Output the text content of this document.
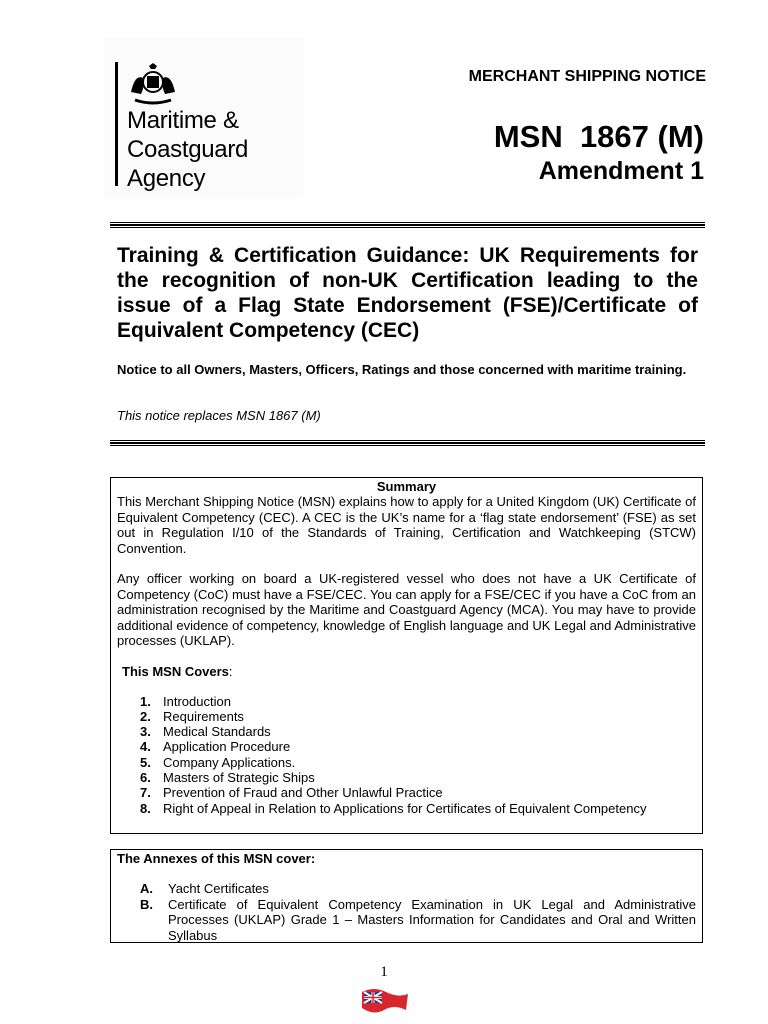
Maritime &
Coastguard
Agency
MERCHANT SHIPPING NOTICE
MSN  1867 (M)
Amendment 1
Training & Certification Guidance: UK Requirements for the recognition of non-UK Certification leading to the issue of a Flag State Endorsement (FSE)/Certificate of Equivalent Competency (CEC)
Notice to all Owners, Masters, Officers, Ratings and those concerned with maritime training.
This notice replaces MSN 1867 (M)
Summary
This Merchant Shipping Notice (MSN) explains how to apply for a United Kingdom (UK) Certificate of Equivalent Competency (CEC). A CEC is the UK’s name for a ‘flag state endorsement’ (FSE) as set out in Regulation I/10 of the Standards of Training, Certification and Watchkeeping (STCW) Convention.
Any officer working on board a UK-registered vessel who does not have a UK Certificate of Competency (CoC) must have a FSE/CEC. You can apply for a FSE/CEC if you have a CoC from an administration recognised by the Maritime and Coastguard Agency (MCA). You may have to provide additional evidence of competency, knowledge of English language and UK Legal and Administrative processes (UKLAP).
This MSN Covers:
1. Introduction
2. Requirements
3. Medical Standards
4. Application Procedure
5. Company Applications.
6. Masters of Strategic Ships
7. Prevention of Fraud and Other Unlawful Practice
8. Right of Appeal in Relation to Applications for Certificates of Equivalent Competency
The Annexes of this MSN cover:
A. Yacht Certificates
B. Certificate of Equivalent Competency Examination in UK Legal and Administrative Processes (UKLAP) Grade 1 – Masters Information for Candidates and Oral and Written Syllabus
1
